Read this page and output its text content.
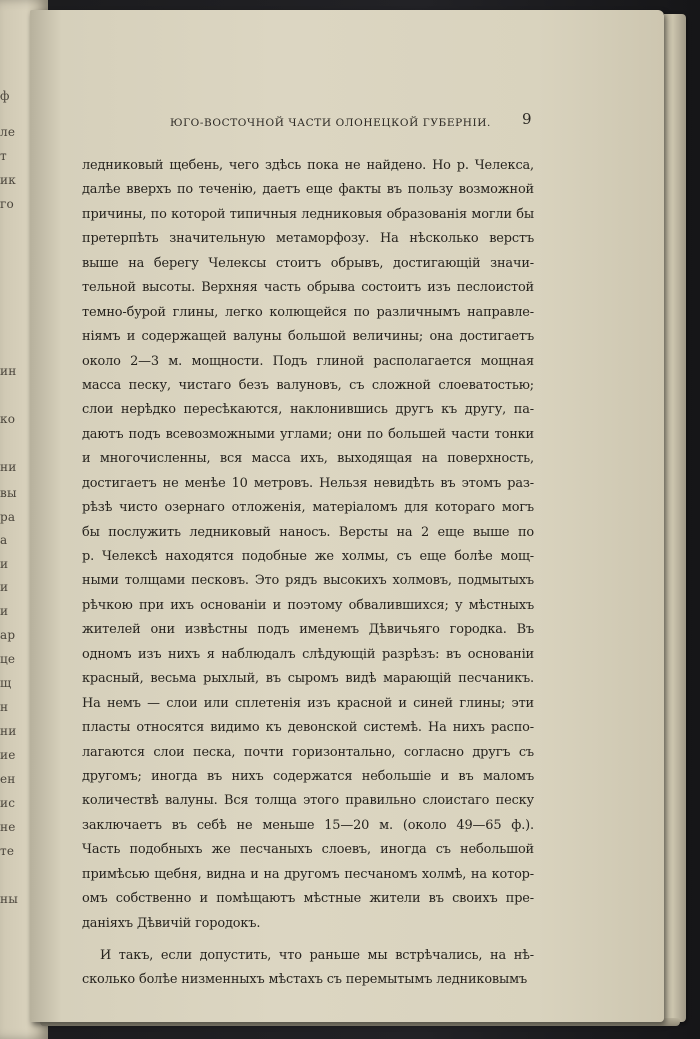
ф
ле
т
ик
го
ин
ко
ни
вы
ра
а
и
и
и
ар
це
щ
н
ни
ие
ен
ис
не
те
ны
ЮГО-ВОСТОЧНОЙ ЧАСТИ ОЛОНЕЦКОЙ ГУБЕРНІИ. 9
ледниковый щебень, чего здѣсь пока не найдено. Но р. Челекса,
далѣе вверхъ по теченію, даетъ еще факты въ пользу возможной
причины, по которой типичныя ледниковыя образованія могли бы
претерпѣть значительную метаморфозу. На нѣсколько верстъ
выше на берегу Челексы стоитъ обрывъ, достигающій значи-
тельной высоты. Верхняя часть обрыва состоитъ изъ песлоистой
темно-бурой глины, легко колющейся по различнымъ направле-
ніямъ и содержащей валуны большой величины; она достигаетъ
около 2—3 м. мощности. Подъ глиной располагается мощная
масса песку, чистаго безъ валуновъ, съ сложной слоеватостью;
слои нерѣдко пересѣкаются, наклонившись другъ къ другу, па-
даютъ подъ всевозможными углами; они по большей части тонки
и многочисленны, вся масса ихъ, выходящая на поверхность,
достигаетъ не менѣе 10 метровъ. Нельзя невидѣть въ этомъ раз-
рѣзѣ чисто озернаго отложенія, матеріаломъ для котораго могъ
бы послужить ледниковый наносъ. Версты на 2 еще выше по
р. Челексѣ находятся подобные же холмы, съ еще болѣе мощ-
ными толщами песковъ. Это рядъ высокихъ холмовъ, подмытыхъ
рѣчкою при ихъ основаніи и поэтому обвалившихся; у мѣстныхъ
жителей они извѣстны подъ именемъ Дѣвичьяго городка. Въ
одномъ изъ нихъ я наблюдалъ слѣдующій разрѣзъ: въ основаніи
красный, весьма рыхлый, въ сыромъ видѣ марающій песчаникъ.
На немъ — слои или сплетенія изъ красной и синей глины; эти
пласты относятся видимо къ девонской системѣ. На нихъ распо-
лагаются слои песка, почти горизонтально, согласно другъ съ
другомъ; иногда въ нихъ содержатся небольшіе и въ маломъ
количествѣ валуны. Вся толща этого правильно слоистаго песку
заключаетъ въ себѣ не меньше 15—20 м. (около 49—65 ф.).
Часть подобныхъ же песчаныхъ слоевъ, иногда съ небольшой
примѣсью щебня, видна и на другомъ песчаномъ холмѣ, на котор-
омъ собственно и помѣщаютъ мѣстные жители въ своихъ пре-
даніяхъ Дѣвичій городокъ.
И такъ, если допустить, что раньше мы встрѣчались, на нѣ-
сколько болѣе низменныхъ мѣстахъ съ перемытымъ ледниковымъ
